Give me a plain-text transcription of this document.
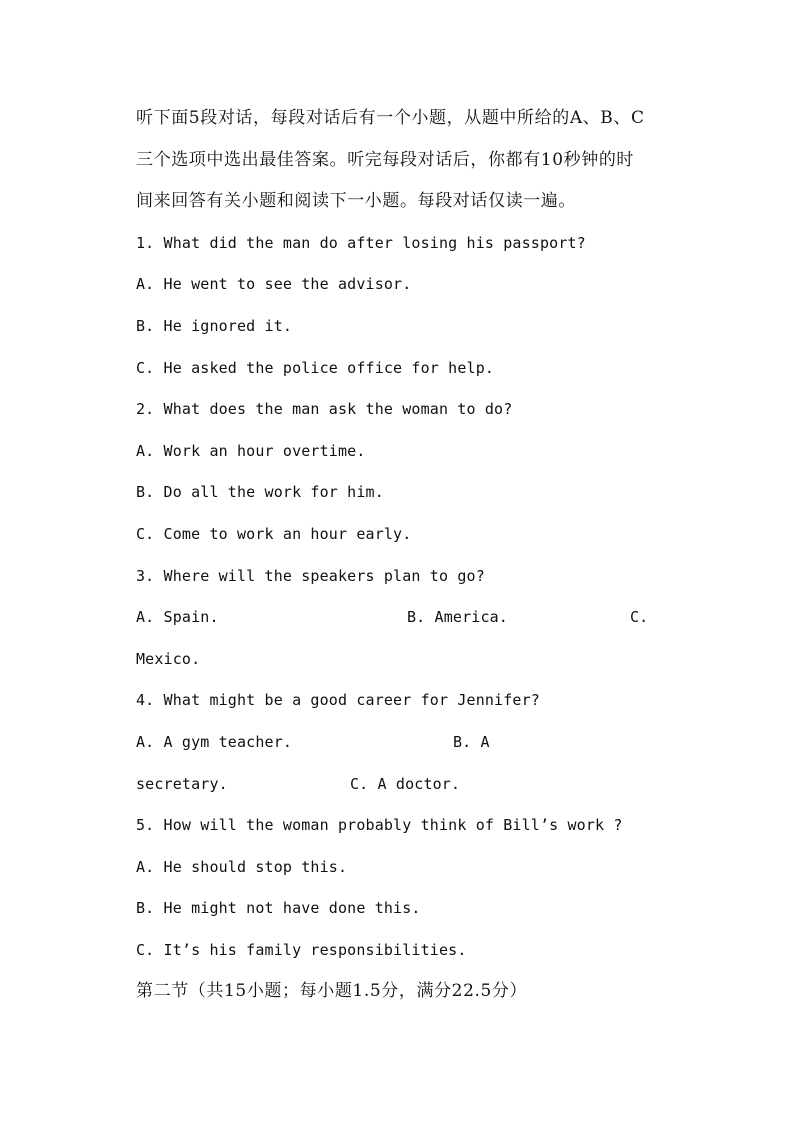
听下面5段对话，每段对话后有一个小题，从题中所给的A、B、C
三个选项中选出最佳答案。听完每段对话后，你都有10秒钟的时
间来回答有关小题和阅读下一小题。每段对话仅读一遍。
1. What did the man do after losing his passport?
A. He went to see the advisor.
B. He ignored it.
C. He asked the police office for help.
2. What does the man ask the woman to do?
A. Work an hour overtime.
B. Do all the work for him.
C. Come to work an hour early.
3. Where will the speakers plan to go?
A. Spain.	B. America.	C.
Mexico.
4. What might be a good career for Jennifer?
A. A gym teacher.	B. A
secretary.	C. A doctor.
5. How will the woman probably think of Bill’s work ?
A. He should stop this.
B. He might not have done this.
C. It’s his family responsibilities.
第二节（共15小题；每小题1.5分，满分22.5分）
